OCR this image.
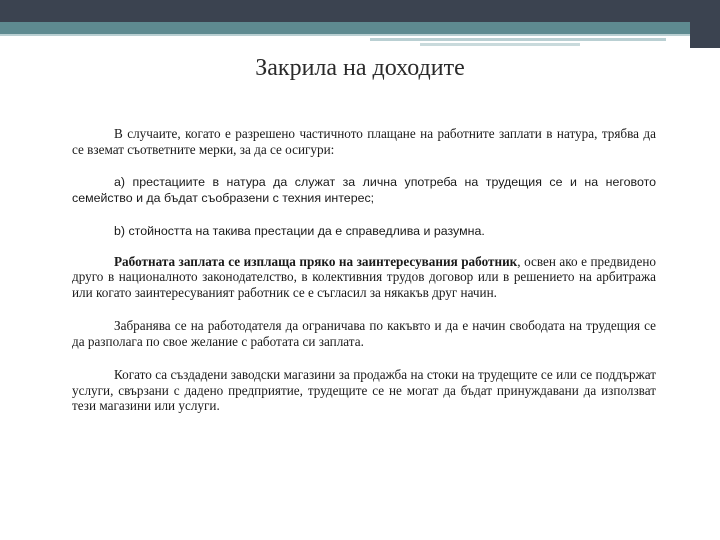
Закрила на доходите

В случаите, когато е разрешено частичното плащане на работните заплати в натура, трябва да се вземат съответните мерки, за да се осигури:

a) престациите в натура да служат за лична употреба на трудещия се и на неговото семейство и да бъдат съобразени с техния интерес;

b) стойността на такива престации да е справедлива и разумна.

Работната заплата се изплаща пряко на заинтересувания работник, освен ако е предвидено друго в националното законодателство, в колективния трудов договор или в решението на арбитража или когато заинтересуваният работник се е съгласил за някакъв друг начин.

Забранява се на работодателя да ограничава по какъвто и да е начин свободата на трудещия се да разполага по свое желание с работата си заплата.

Когато са създадени заводски магазини за продажба на стоки на трудещите се или се поддържат услуги, свързани с дадено предприятие, трудещите се не могат да бъдат принуждавани да използват тези магазини или услуги.
